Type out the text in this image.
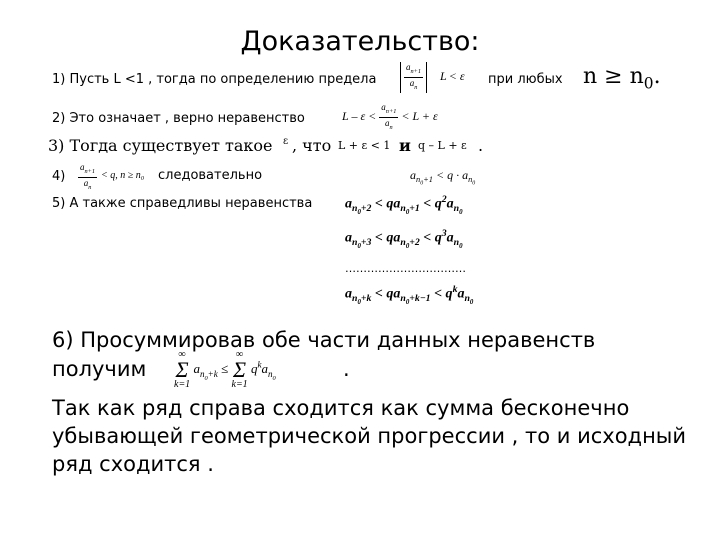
Доказательство:
1) Пусть L <1 , тогда по определению предела	$\frac{a_{n+1}}{a_n}$ L < ε при любых $n \ge n_0$.
2) Это означает , верно неравенство	$L - \varepsilon < \frac{a_{n+1}}{a_n} < L + \varepsilon$
3) Тогда существует такое ε , что L + ε < 1 и q – L + ε .
$4) \frac{a_{n+1}}{a_n} < q$, n ≥ n₀ следовательно	$a_{n_0+1} < q \cdot a_{n_0}$
5) А также справедливы неравенства $a_{n_0+2} < qa_{n_0+1} < q^2a_{n_0}$
$a_{n_0+3} < qa_{n_0+2} < q^3a_{n_0}$
……………………………
$a_{n_0+k} < qa_{n_0+k-1} < q^ka_{n_0}$
6) Просуммировав обе части данных неравенств
получим
∞
Σ
k=1 $a_{n_0+k}$ ≤ ∞
Σ
k=1 $q^ka_{n_0}$	.
Так как ряд справа сходится как сумма бесконечно убывающей геометрической прогрессии , то и исходный ряд сходится .
